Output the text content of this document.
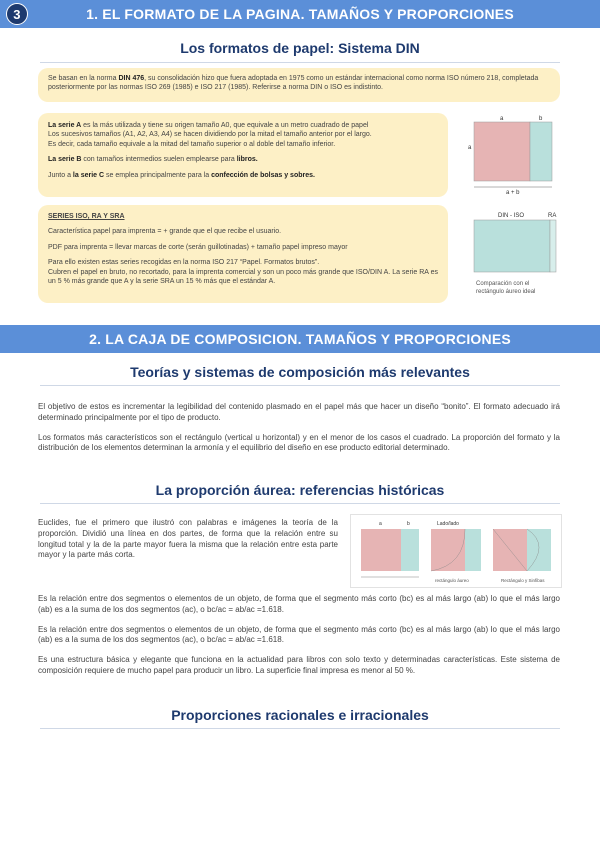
3	1. EL FORMATO DE LA PAGINA. TAMAÑOS Y PROPORCIONES
Los formatos de papel: Sistema DIN
Se basan en la norma DIN 476, su consolidación hizo que fuera adoptada en 1975 como un estándar internacional como norma ISO número 218, completada posteriormente por las normas ISO 269 (1985) e ISO 217 (1985). Referirse a norma DIN o ISO es indistinto.

La serie A es la más utilizada y tiene su origen tamaño A0, que equivale a un metro cuadrado de papel

Los sucesivos tamaños (A1, A2, A3, A4) se hacen dividiendo por la mitad el tamaño anterior por el largo.

Es decir, cada tamaño equivale a la mitad del tamaño superior o al doble del tamaño inferior.

La serie B con tamaños intermedios suelen emplearse para libros.

Junto a la serie C se emplea principalmente para la confección de bolsas y sobres.

SERIES ISO, RA Y SRA

Característica papel para imprenta = + grande que el que recibe el usuario.

PDF para imprenta = llevar marcas de corte (serán guillotinadas) + tamaño papel impreso mayor

Para ello existen estas series recogidas en la norma ISO 217 “Papel. Formatos brutos”.

Cubren el papel en bruto, no recortado, para la imprenta comercial y son un poco más grande que ISO/DIN A. La serie RA es un 5 % más grande que A y la serie SRA un 15 % más que el estándar A.

a	b
a
a + b
DIN - ISO	RA
Comparación con el rectángulo áureo ideal
2. LA CAJA DE COMPOSICION. TAMAÑOS Y PROPORCIONES
Teorías y sistemas de composición más relevantes

El objetivo de estos es incrementar la legibilidad del contenido plasmado en el papel más que hacer un diseño “bonito”. El formato adecuado irá determinado principalmente por el tipo de producto.

Los formatos más característicos son el rectángulo (vertical u horizontal) y en el menor de los casos el cuadrado. La proporción del formato y la distribución de los elementos determinan la armonía y el equilibrio del diseño en ese producto editorial determinado.

La proporción áurea: referencias históricas
Euclides, fue el primero que ilustró con palabras e imágenes la teoría de la proporción. Dividió una línea en dos partes, de forma que la relación entre su longitud total y la de la parte mayor fuera la misma que la relación entre esta parte mayor y la parte más corta.
a	b	Lado/lado
rectángulo áureo	Rectángulo y Sinfibas

Es la relación entre dos segmentos o elementos de un objeto, de forma que el segmento más corto (bc) es al más largo (ab) lo que el más largo (ab) es a la suma de los dos segmentos (ac), o bc/ac = ab/ac =1.618.

Es la relación entre dos segmentos o elementos de un objeto, de forma que el segmento más corto (bc) es al más largo (ab) lo que el más largo (ab) es a la suma de los dos segmentos (ac), o bc/ac = ab/ac =1.618.

Es una estructura básica y elegante que funciona en la actualidad para libros con solo texto y determinadas características. Este sistema de composición requiere de mucho papel para producir un libro. La superficie final impresa es menor al 50 %.

Proporciones racionales e irracionales
